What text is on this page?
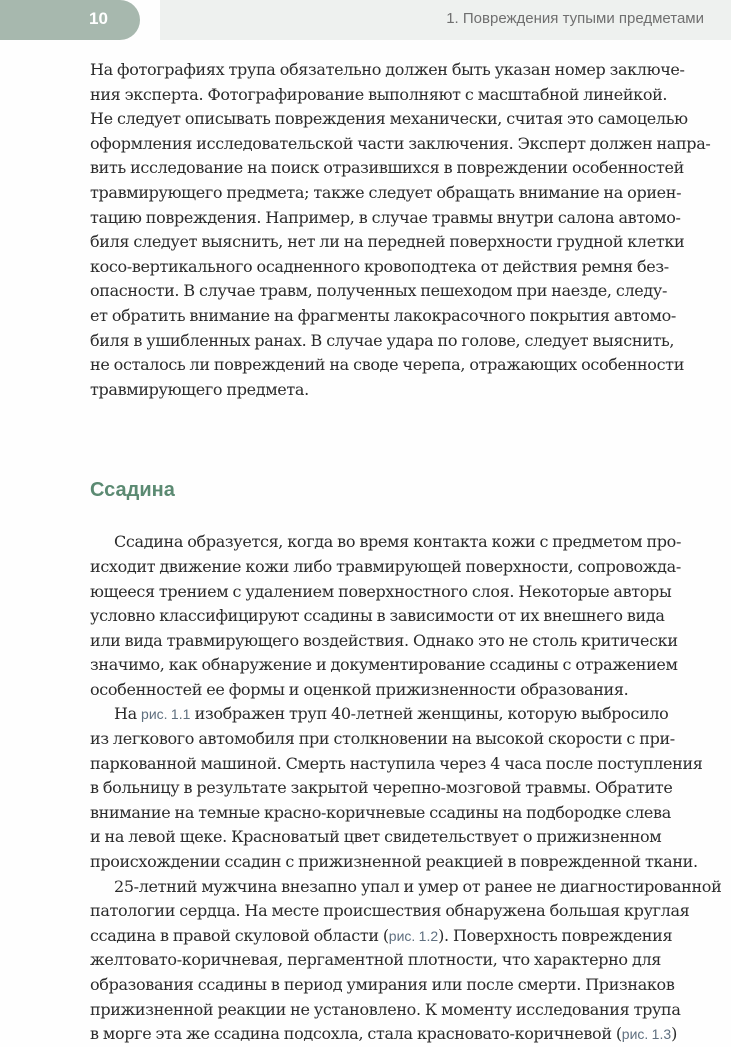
10	1. Повреждения тупыми предметами

На фотографиях трупа обязательно должен быть указан номер заключе-
ния эксперта. Фотографирование выполняют с масштабной линейкой.
Не следует описывать повреждения механически, считая это самоцелью
оформления исследовательской части заключения. Эксперт должен напра-
вить исследование на поиск отразившихся в повреждении особенностей
травмирующего предмета; также следует обращать внимание на ориен-
тацию повреждения. Например, в случае травмы внутри салона автомо-
биля следует выяснить, нет ли на передней поверхности грудной клетки
косо-вертикального осадненного кровоподтека от действия ремня без-
опасности. В случае травм, полученных пешеходом при наезде, следу-
ет обратить внимание на фрагменты лакокрасочного покрытия автомо-
биля в ушибленных ранах. В случае удара по голове, следует выяснить,
не осталось ли повреждений на своде черепа, отражающих особенности
травмирующего предмета.

Ссадина

Ссадина образуется, когда во время контакта кожи с предметом про-
исходит движение кожи либо травмирующей поверхности, сопровожда-
ющееся трением с удалением поверхностного слоя. Некоторые авторы
условно классифицируют ссадины в зависимости от их внешнего вида
или вида травмирующего воздействия. Однако это не столь критически
значимо, как обнаружение и документирование ссадины с отражением
особенностей ее формы и оценкой прижизненности образования.

На рис. 1.1 изображен труп 40-летней женщины, которую выбросило
из легкового автомобиля при столкновении на высокой скорости с при-
паркованной машиной. Смерть наступила через 4 часа после поступления
в больницу в результате закрытой черепно-мозговой травмы. Обратите
внимание на темные красно-коричневые ссадины на подбородке слева
и на левой щеке. Красноватый цвет свидетельствует о прижизненном
происхождении ссадин с прижизненной реакцией в поврежденной ткани.

25-летний мужчина внезапно упал и умер от ранее не диагностированной
патологии сердца. На месте происшествия обнаружена большая круглая
ссадина в правой скуловой области (рис. 1.2). Поверхность повреждения
желтовато-коричневая, пергаментной плотности, что характерно для
образования ссадины в период умирания или после смерти. Признаков
прижизненной реакции не установлено. К моменту исследования трупа
в морге эта же ссадина подсохла, стала красновато-коричневой (рис. 1.3)
